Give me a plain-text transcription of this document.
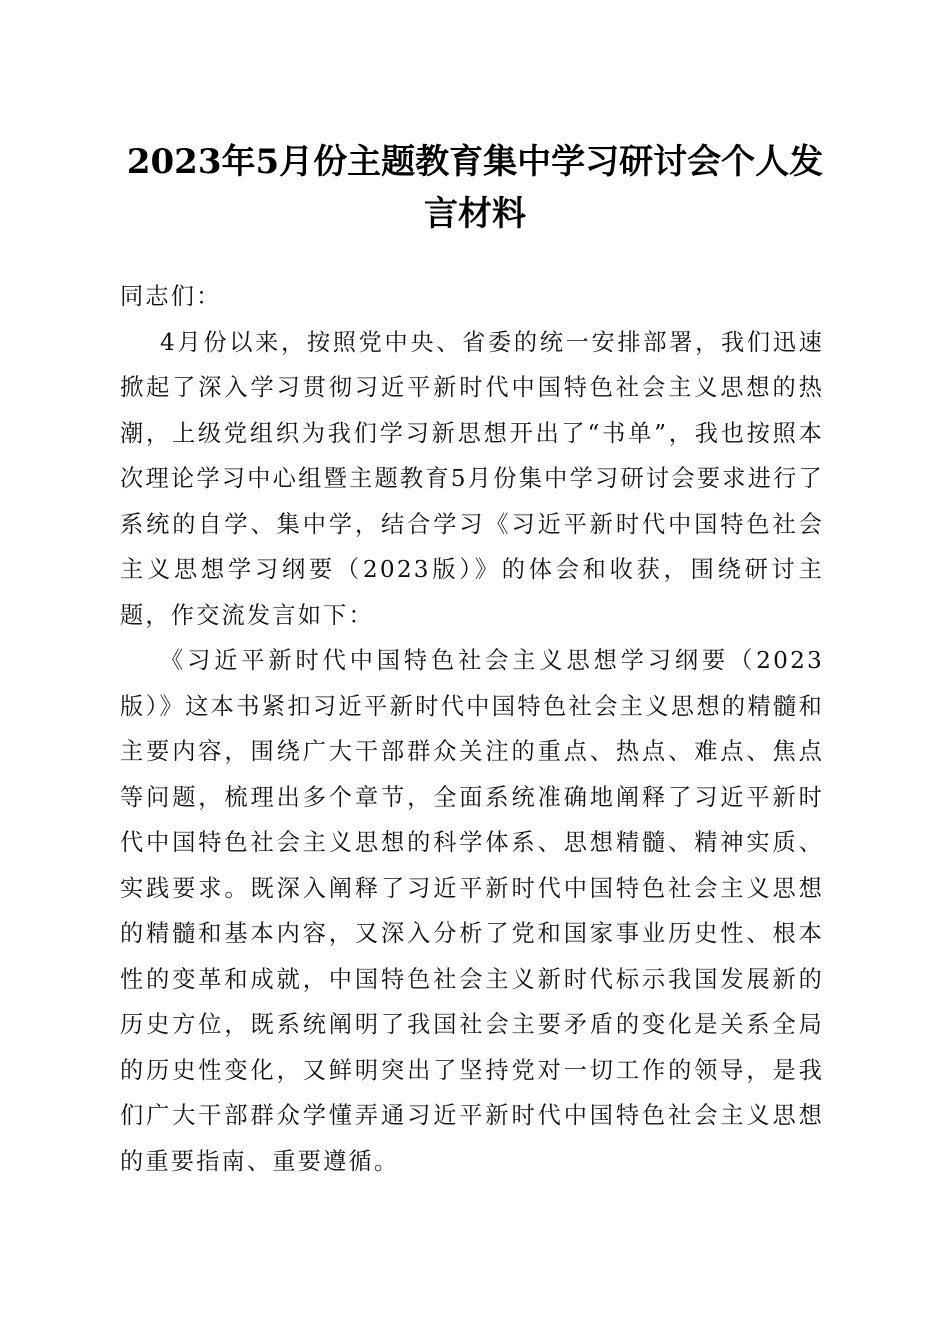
2023年5月份主题教育集中学习研讨会个人发言材料

同志们：

4月份以来，按照党中央、省委的统一安排部署，我们迅速掀起了深入学习贯彻习近平新时代中国特色社会主义思想的热潮，上级党组织为我们学习新思想开出了“书单”，我也按照本次理论学习中心组暨主题教育5月份集中学习研讨会要求进行了系统的自学、集中学，结合学习《习近平新时代中国特色社会主义思想学习纲要（2023版）》的体会和收获，围绕研讨主题，作交流发言如下：

《习近平新时代中国特色社会主义思想学习纲要（2023版）》这本书紧扣习近平新时代中国特色社会主义思想的精髓和主要内容，围绕广大干部群众关注的重点、热点、难点、焦点等问题，梳理出多个章节，全面系统准确地阐释了习近平新时代中国特色社会主义思想的科学体系、思想精髓、精神实质、实践要求。既深入阐释了习近平新时代中国特色社会主义思想的精髓和基本内容，又深入分析了党和国家事业历史性、根本性的变革和成就，中国特色社会主义新时代标示我国发展新的历史方位，既系统阐明了我国社会主要矛盾的变化是关系全局的历史性变化，又鲜明突出了坚持党对一切工作的领导，是我们广大干部群众学懂弄通习近平新时代中国特色社会主义思想的重要指南、重要遵循。
